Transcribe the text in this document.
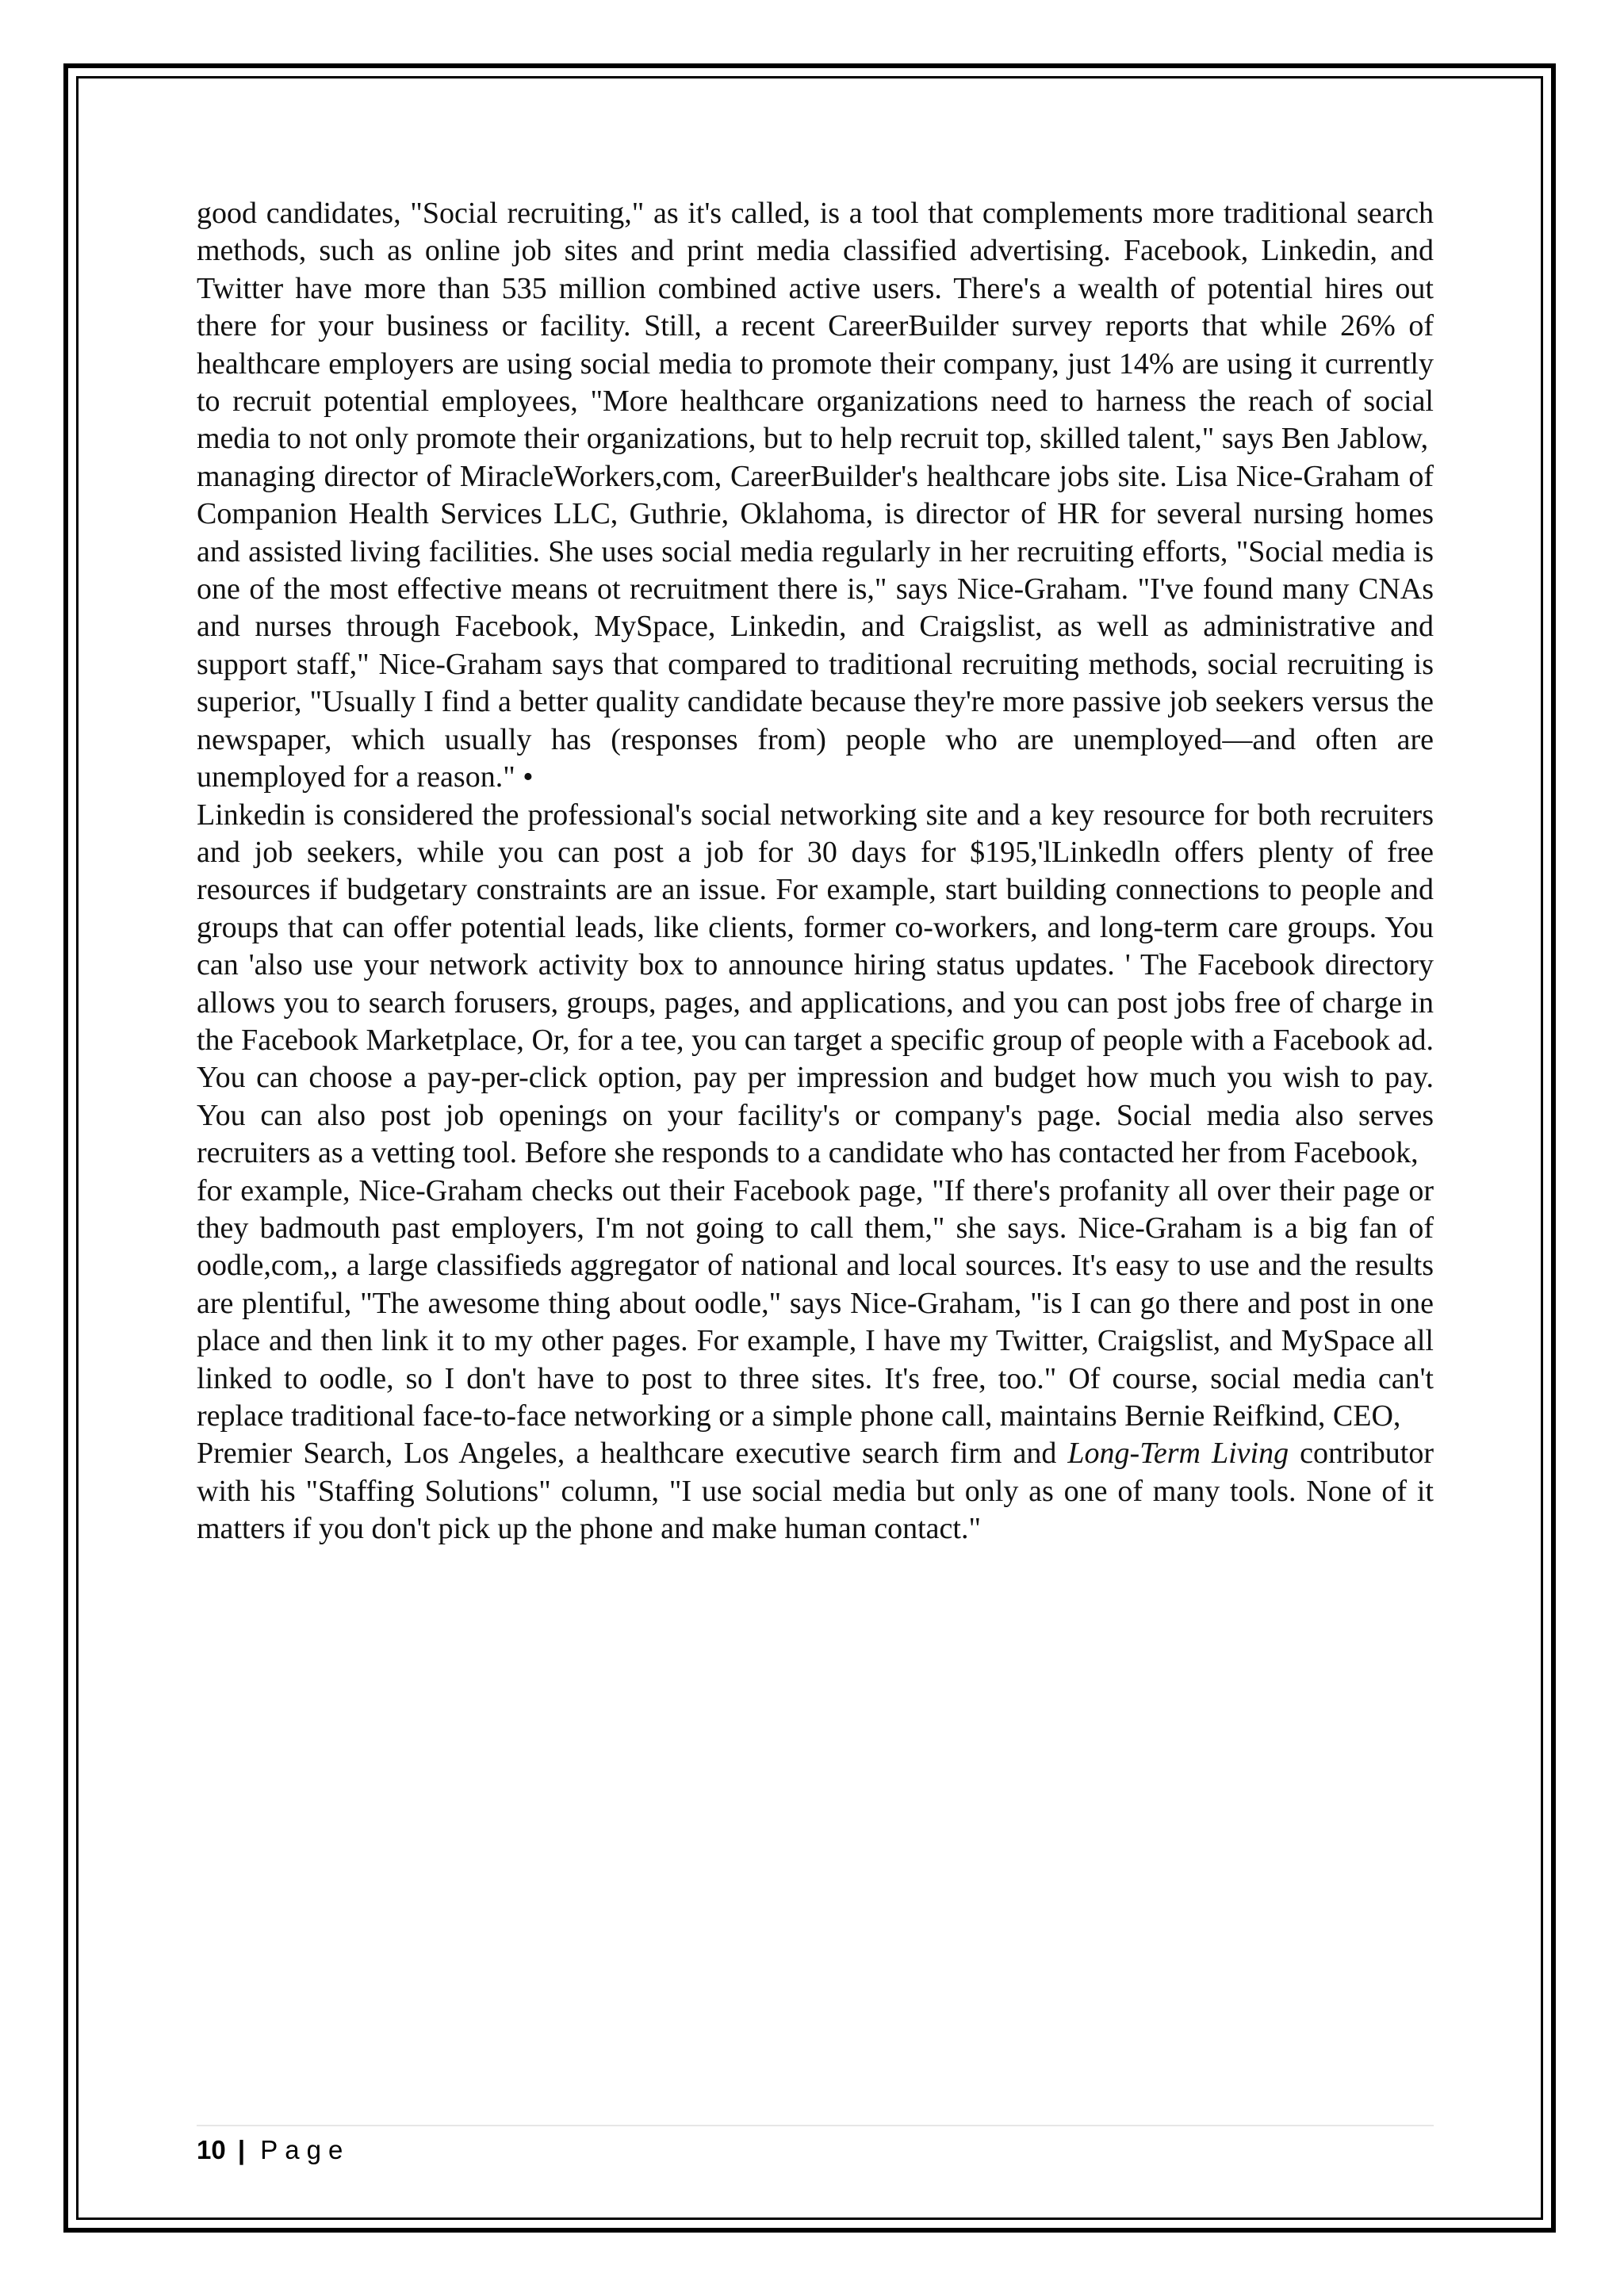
good candidates, "Social recruiting," as it's called, is a tool that complements more traditional search methods, such as online job sites and print media classified advertising. Facebook, Linkedin, and Twitter have more than 535 million combined active users. There's a wealth of potential hires out there for your business or facility. Still, a recent CareerBuilder survey reports that while 26% of healthcare employers are using social media to promote their company, just 14% are using it currently to recruit potential employees, "More healthcare organizations need to harness the reach of social media to not only promote their organizations, but to help recruit top, skilled talent," says Ben Jablow,

managing director of MiracleWorkers,com, CareerBuilder's healthcare jobs site. Lisa Nice-Graham of Companion Health Services LLC, Guthrie, Oklahoma, is director of HR for several nursing homes and assisted living facilities. She uses social media regularly in her recruiting efforts, "Social media is one of the most effective means ot recruitment there is," says Nice-Graham. "I've found many CNAs and nurses through Facebook, MySpace, Linkedin, and Craigslist, as well as administrative and support staff," Nice-Graham says that compared to traditional recruiting methods, social recruiting is superior, "Usually I find a better quality candidate because they're more passive job seekers versus the newspaper, which usually has (responses from) people who are unemployed—and often are unemployed for a reason." •

Linkedin is considered the professional's social networking site and a key resource for both recruiters and job seekers, while you can post a job for 30 days for $195,'lLinkedln offers plenty of free resources if budgetary constraints are an issue. For example, start building connections to people and groups that can offer potential leads, like clients, former co-workers, and long-term care groups. You can 'also use your network activity box to announce hiring status updates. ' The Facebook directory allows you to search forusers, groups, pages, and applications, and you can post jobs free of charge in the Facebook Marketplace, Or, for a tee, you can target a specific group of people with a Facebook ad. You can choose a pay-per-click option, pay per impression and budget how much you wish to pay. You can also post job openings on your facility's or company's page. Social media also serves recruiters as a vetting tool. Before she responds to a candidate who has contacted her from Facebook,

for example, Nice-Graham checks out their Facebook page, "If there's profanity all over their page or they badmouth past employers, I'm not going to call them," she says. Nice-Graham is a big fan of oodle,com,, a large classifieds aggregator of national and local sources. It's easy to use and the results are plentiful, "The awesome thing about oodle," says Nice-Graham, "is I can go there and post in one place and then link it to my other pages. For example, I have my Twitter, Craigslist, and MySpace all linked to oodle, so I don't have to post to three sites. It's free, too." Of course, social media can't replace traditional face-to-face networking or a simple phone call, maintains Bernie Reifkind, CEO,

Premier Search, Los Angeles, a healthcare executive search firm and Long-Term Living contributor with his "Staffing Solutions" column, "I use social media but only as one of many tools. None of it matters if you don't pick up the phone and make human contact."

10 | Page
